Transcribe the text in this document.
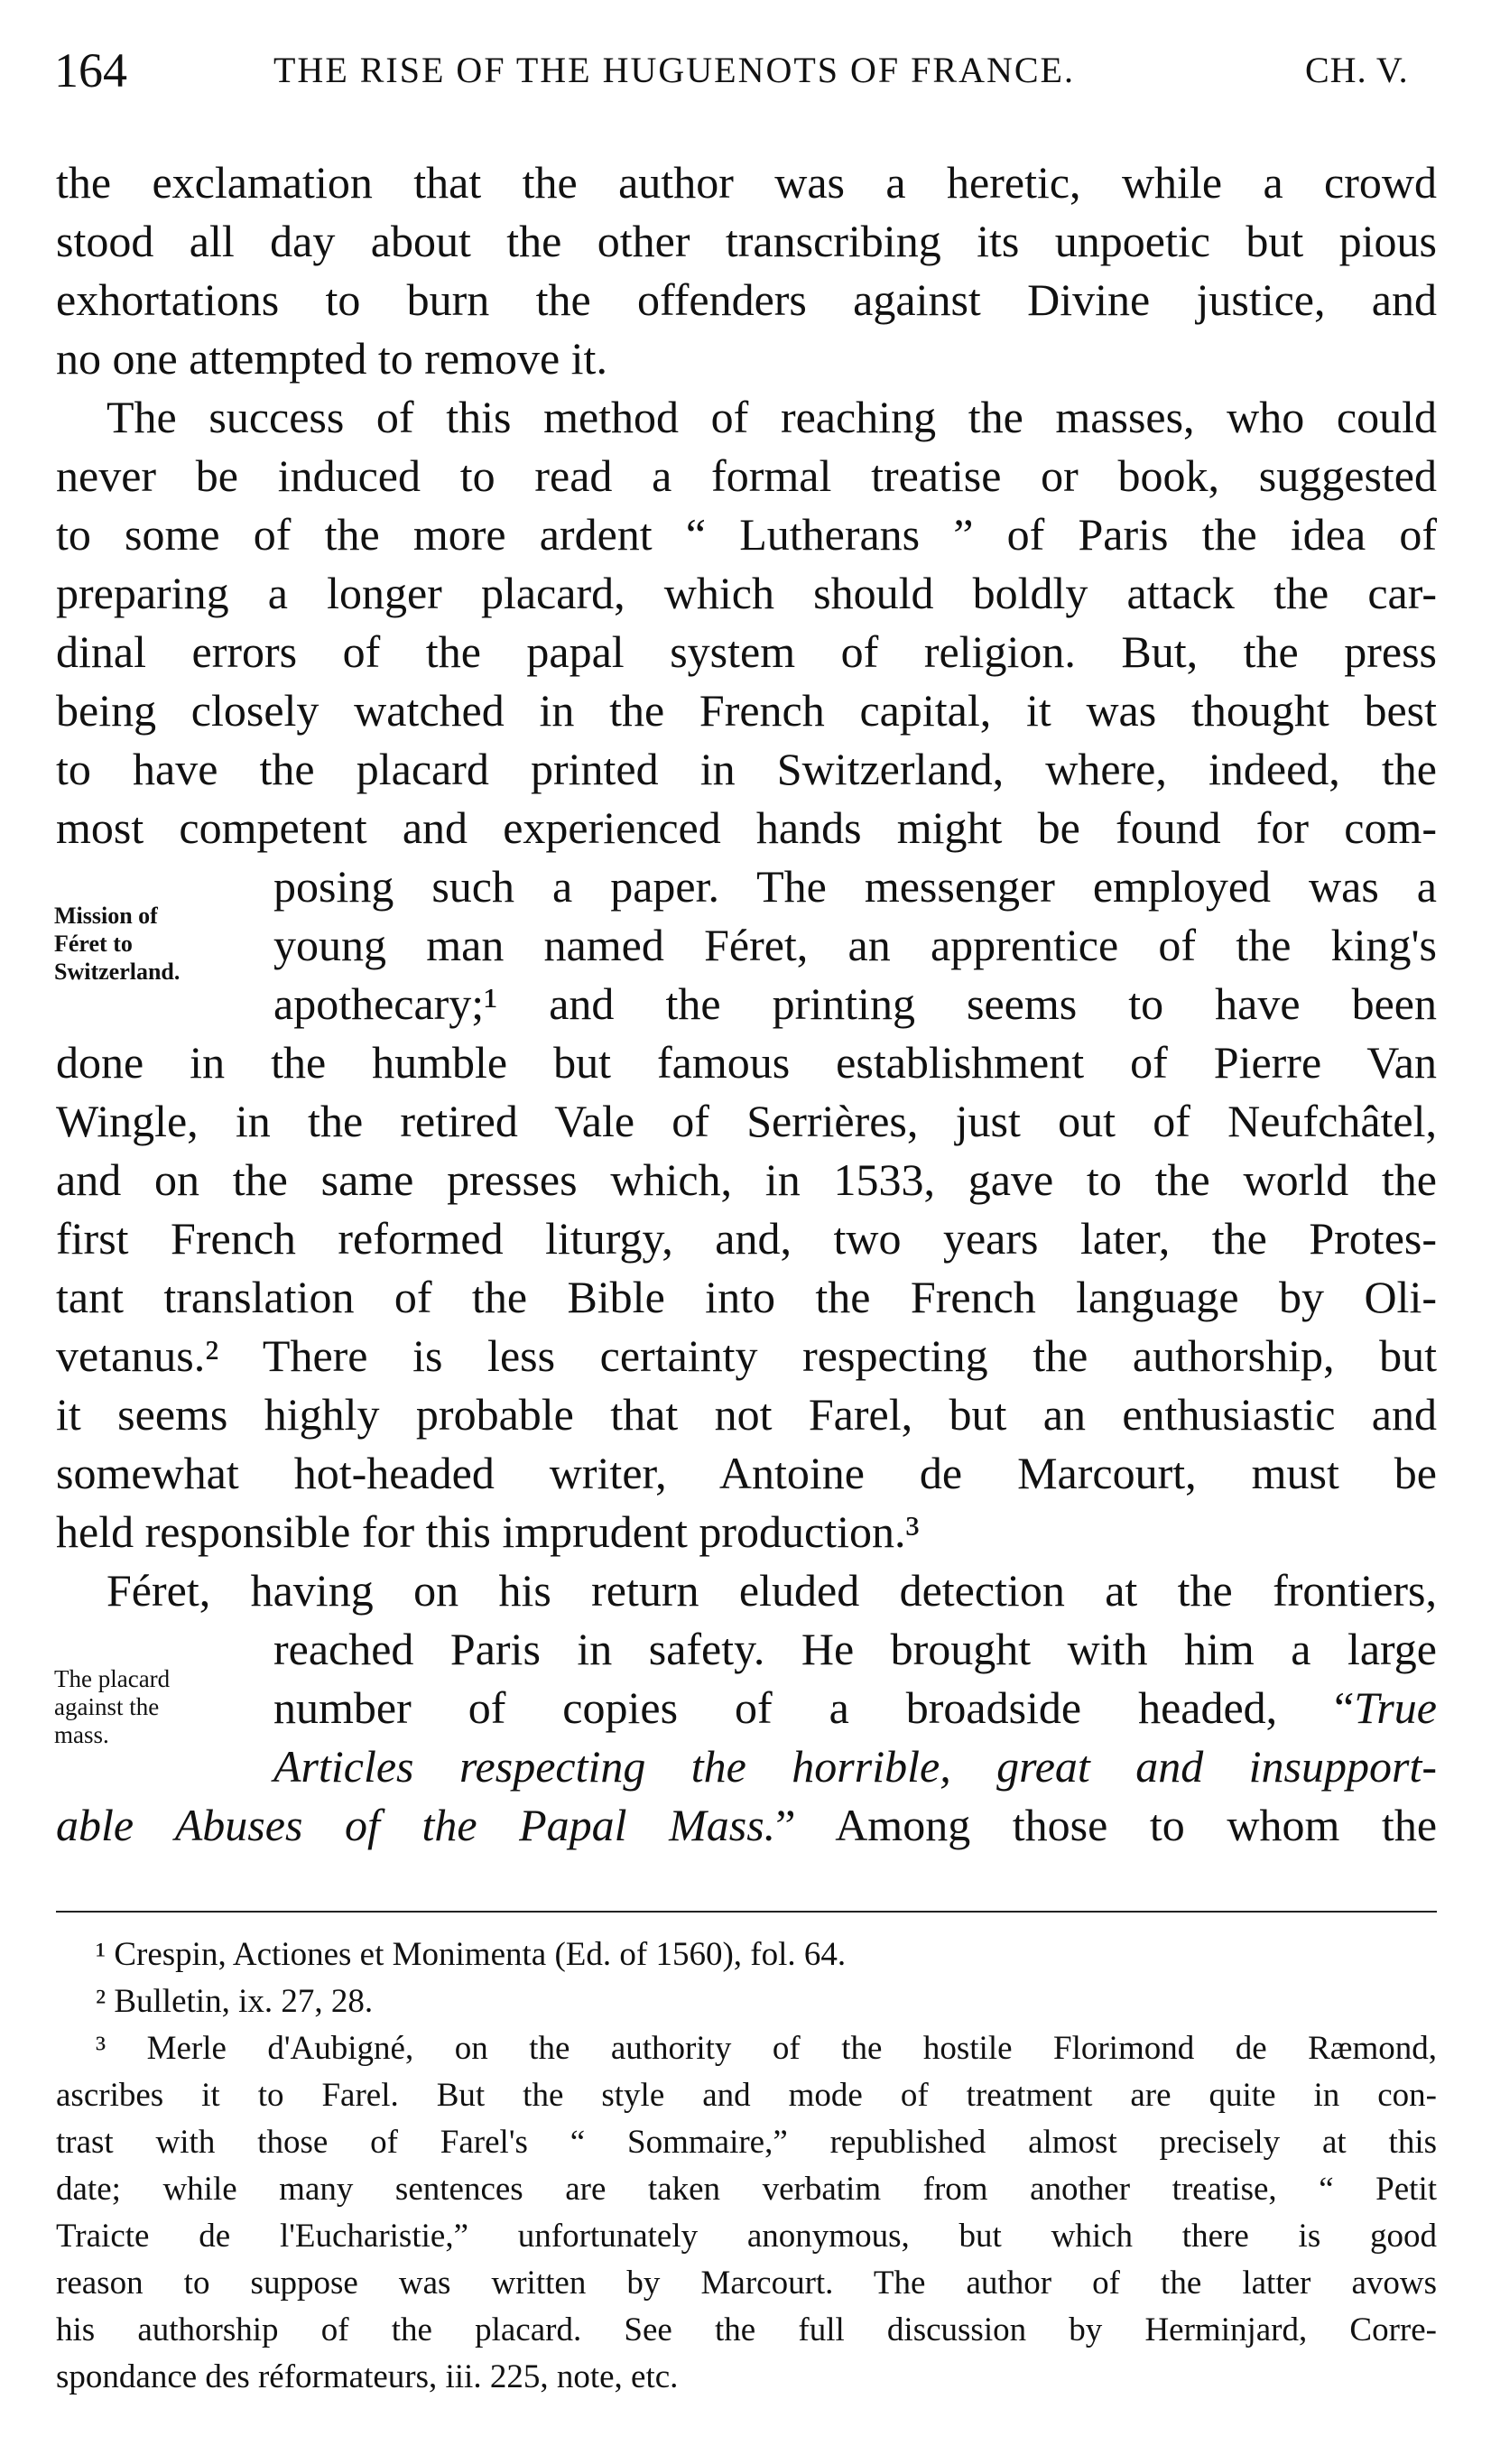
164	THE RISE OF THE HUGUENOTS OF FRANCE.	CH. V.
the exclamation that the author was a heretic, while a crowd
stood all day about the other transcribing its unpoetic but pious
exhortations to burn the offenders against Divine justice, and
no one attempted to remove it.
The success of this method of reaching the masses, who could
never be induced to read a formal treatise or book, suggested
to some of the more ardent “ Lutherans ” of Paris the idea of
preparing a longer placard, which should boldly attack the car-
dinal errors of the papal system of religion. But, the press
being closely watched in the French capital, it was thought best
to have the placard printed in Switzerland, where, indeed, the
most competent and experienced hands might be found for com-
posing such a paper. The messenger employed was a
young man named Féret, an apprentice of the king's
apothecary;¹ and the printing seems to have been
done in the humble but famous establishment of Pierre Van
Wingle, in the retired Vale of Serrières, just out of Neufchâtel,
and on the same presses which, in 1533, gave to the world the
first French reformed liturgy, and, two years later, the Protes-
tant translation of the Bible into the French language by Oli-
vetanus.² There is less certainty respecting the authorship, but
it seems highly probable that not Farel, but an enthusiastic and
somewhat hot-headed writer, Antoine de Marcourt, must be
held responsible for this imprudent production.³
Féret, having on his return eluded detection at the frontiers,
reached Paris in safety. He brought with him a large
number of copies of a broadside headed, “True
Articles respecting the horrible, great and insupport-
able Abuses of the Papal Mass.” Among those to whom the
Mission of
Féret to
Switzerland.
The placard
against the
mass.
¹ Crespin, Actiones et Monimenta (Ed. of 1560), fol. 64.
² Bulletin, ix. 27, 28.
³ Merle d'Aubigné, on the authority of the hostile Florimond de Ræmond,
ascribes it to Farel. But the style and mode of treatment are quite in con-
trast with those of Farel's “ Sommaire,” republished almost precisely at this
date; while many sentences are taken verbatim from another treatise, “ Petit
Traicte de l'Eucharistie,” unfortunately anonymous, but which there is good
reason to suppose was written by Marcourt. The author of the latter avows
his authorship of the placard. See the full discussion by Herminjard, Corre-
spondance des réformateurs, iii. 225, note, etc.
